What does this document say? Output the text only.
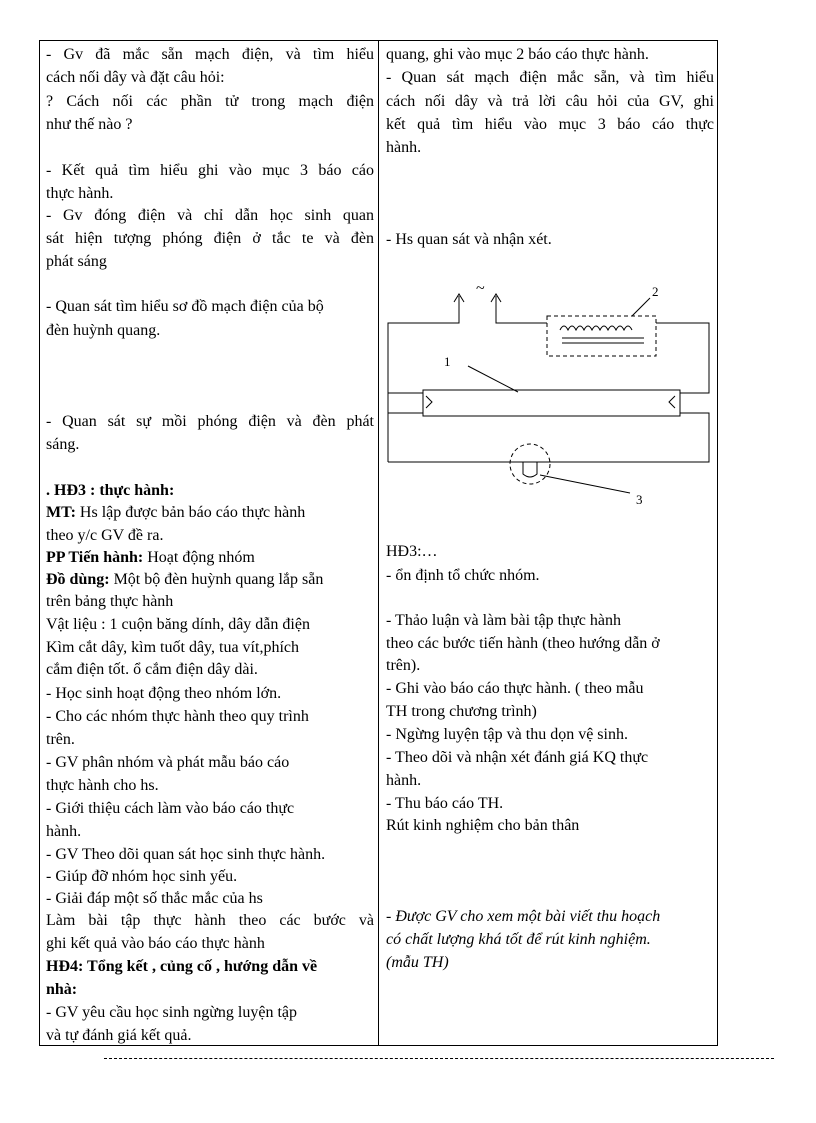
- Gv đã mắc sẵn mạch điện, và tìm hiểu
cách nối dây và đặt câu hỏi:
? Cách nối các phần tử trong mạch điện
như thế nào ?
- Kết quả tìm hiểu ghi vào mục 3 báo cáo
thực hành.
- Gv đóng điện và chỉ dẫn học sinh quan
sát hiện tượng phóng điện ở tắc te và đèn
phát sáng
- Quan sát tìm hiểu sơ đồ mạch điện của bộ
đèn huỳnh quang.
- Quan sát sự mồi phóng điện và đèn phát
sáng.
. HĐ3 : thực hành:
MT: Hs lập được bản báo cáo thực hành
theo y/c GV đề ra.
PP Tiến hành: Hoạt động nhóm
Đồ dùng: Một bộ đèn huỳnh quang lắp sẵn
trên bảng thực hành
Vật liệu : 1 cuộn băng dính, dây dẫn điện
Kìm cắt dây, kìm tuốt dây, tua vít,phích
cắm điện tốt. ổ cắm điện dây dài.
- Học sinh hoạt động theo nhóm lớn.
- Cho các nhóm thực hành theo quy trình
trên.
- GV phân nhóm và phát mẫu báo cáo
thực hành cho hs.
- Giới thiệu cách làm vào báo cáo thực
hành.
- GV Theo dõi quan sát học sinh thực hành.
- Giúp đỡ nhóm học sinh yếu.
- Giải đáp một số thắc mắc của hs
Làm bài tập thực hành theo các bước và
ghi kết quả vào báo cáo thực hành
HĐ4: Tổng kết , củng cố , hướng dẫn về
nhà:
- GV yêu cầu học sinh ngừng luyện tập
và tự đánh giá kết quả.
quang, ghi vào mục 2 báo cáo thực hành.
- Quan sát mạch điện mắc sẵn, và tìm hiểu
cách nối dây và trả lời câu hỏi của GV, ghi
kết quả tìm hiểu vào mục 3 báo cáo thực
hành.
- Hs quan sát và nhận xét.
HĐ3:…
- ổn định tổ chức nhóm.
- Thảo luận và làm bài tập thực hành
theo các bước tiến hành (theo hướng dẫn ở
trên).
- Ghi vào báo cáo thực hành. ( theo mẫu
TH trong chương trình)
- Ngừng luyện tập và thu dọn vệ sinh.
- Theo dõi và nhận xét đánh giá KQ thực
hành.
- Thu báo cáo TH.
Rút kinh nghiệm cho bản thân
- Được GV cho xem một bài viết thu hoạch
có chất lượng khá tốt để rút kinh nghiệm.
(mẫu TH)
~	2
1
3
